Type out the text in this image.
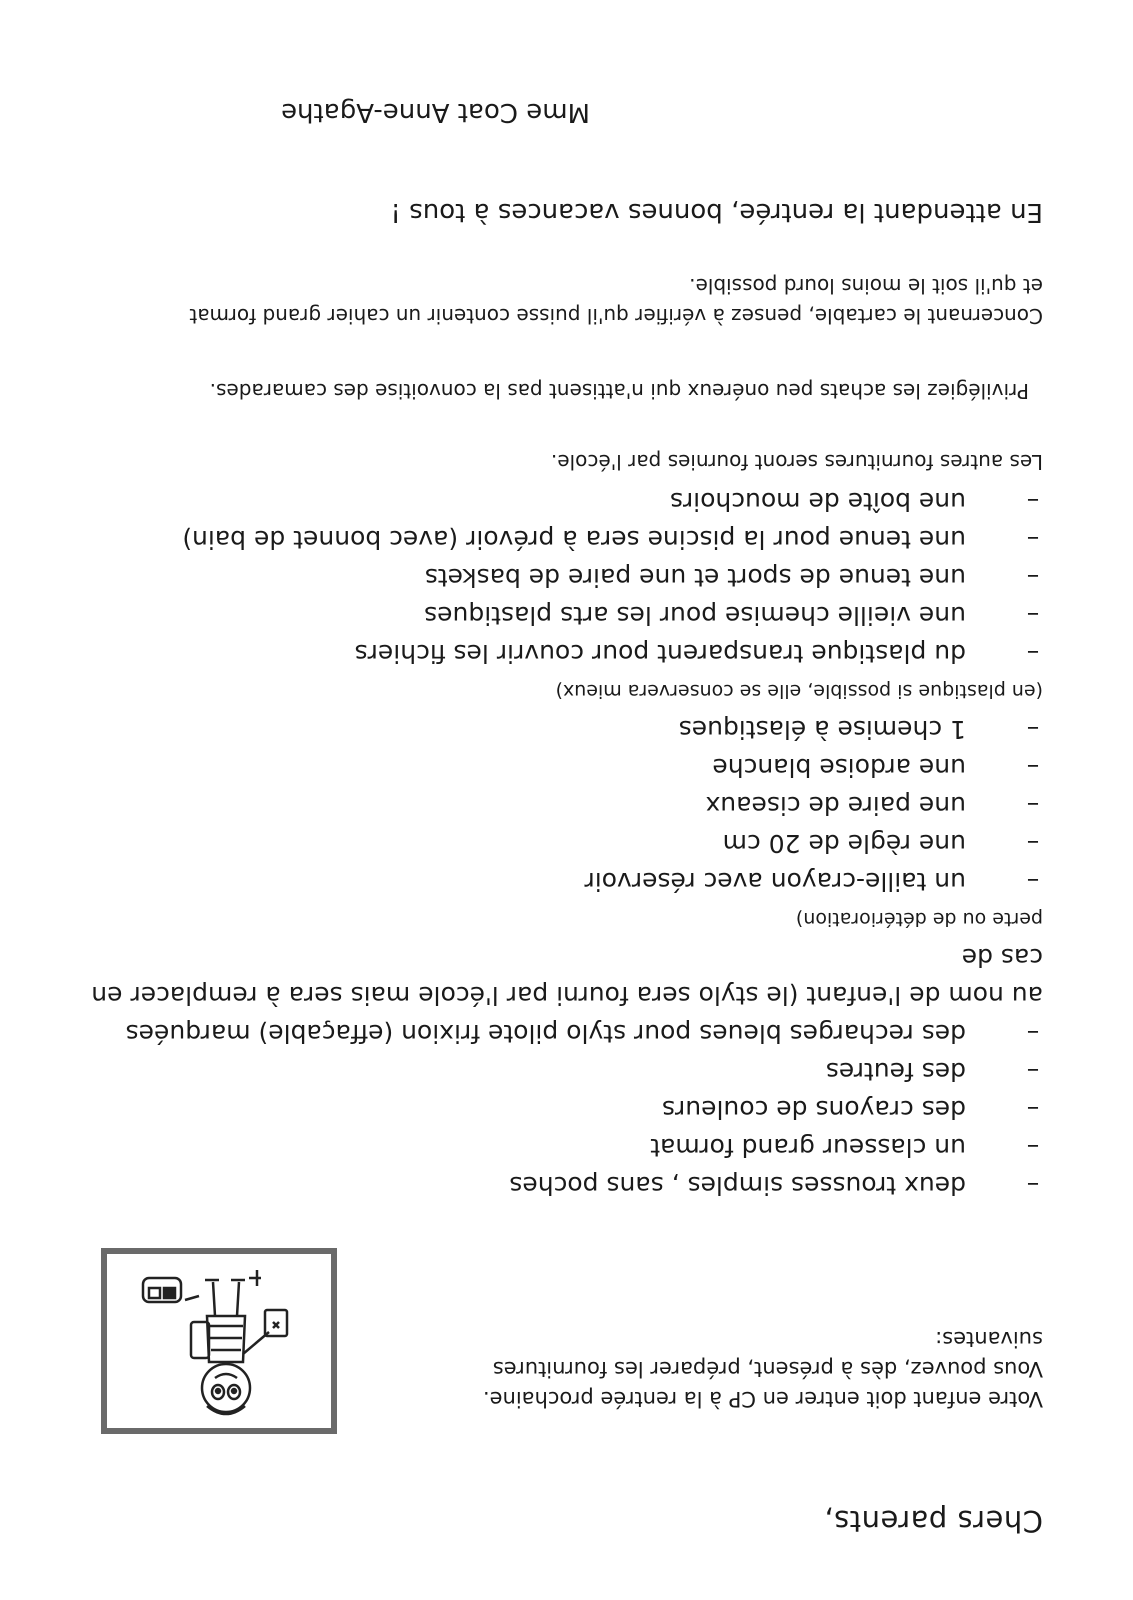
Chers parents,

Votre enfant doit entrer en CP à la rentrée prochaine.

Vous pouvez, dès à présent, préparer les fournitures

suivantes:

–
deux trousses simples , sans poches
–
un classeur grand format
–
des crayons de couleurs
–
des feutres
–
des recharges bleues pour stylo pilote frixion (effaçable) marquées
au nom de l'enfant (le stylo sera fourni par l'école mais sera à remplacer en cas de
perte ou de détérioration)
–
un taille-crayon avec réservoir
–
une règle de 20 cm
–
une paire de ciseaux
–
une ardoise blanche
–
1 chemise à élastiques
(en plastique si possible, elle se conservera mieux)
–
du plastique transparent pour couvrir les fichiers
–
une vieille chemise pour les arts plastiques
–
une tenue de sport et une paire de baskets
–
une tenue pour la piscine sera à prévoir (avec bonnet de bain)
–
une boîte de mouchoirs
Les autres fournitures seront fournies par l'école.
Privilégiez les achats peu onéreux qui n'attisent pas la convoitise des camarades.

Concernant le cartable, pensez à vérifier qu'il puisse contenir un cahier grand format

et qu'il soit le moins lourd possible.

En attendant la rentrée, bonnes vacances à tous !
Mme Coat Anne-Agathe
